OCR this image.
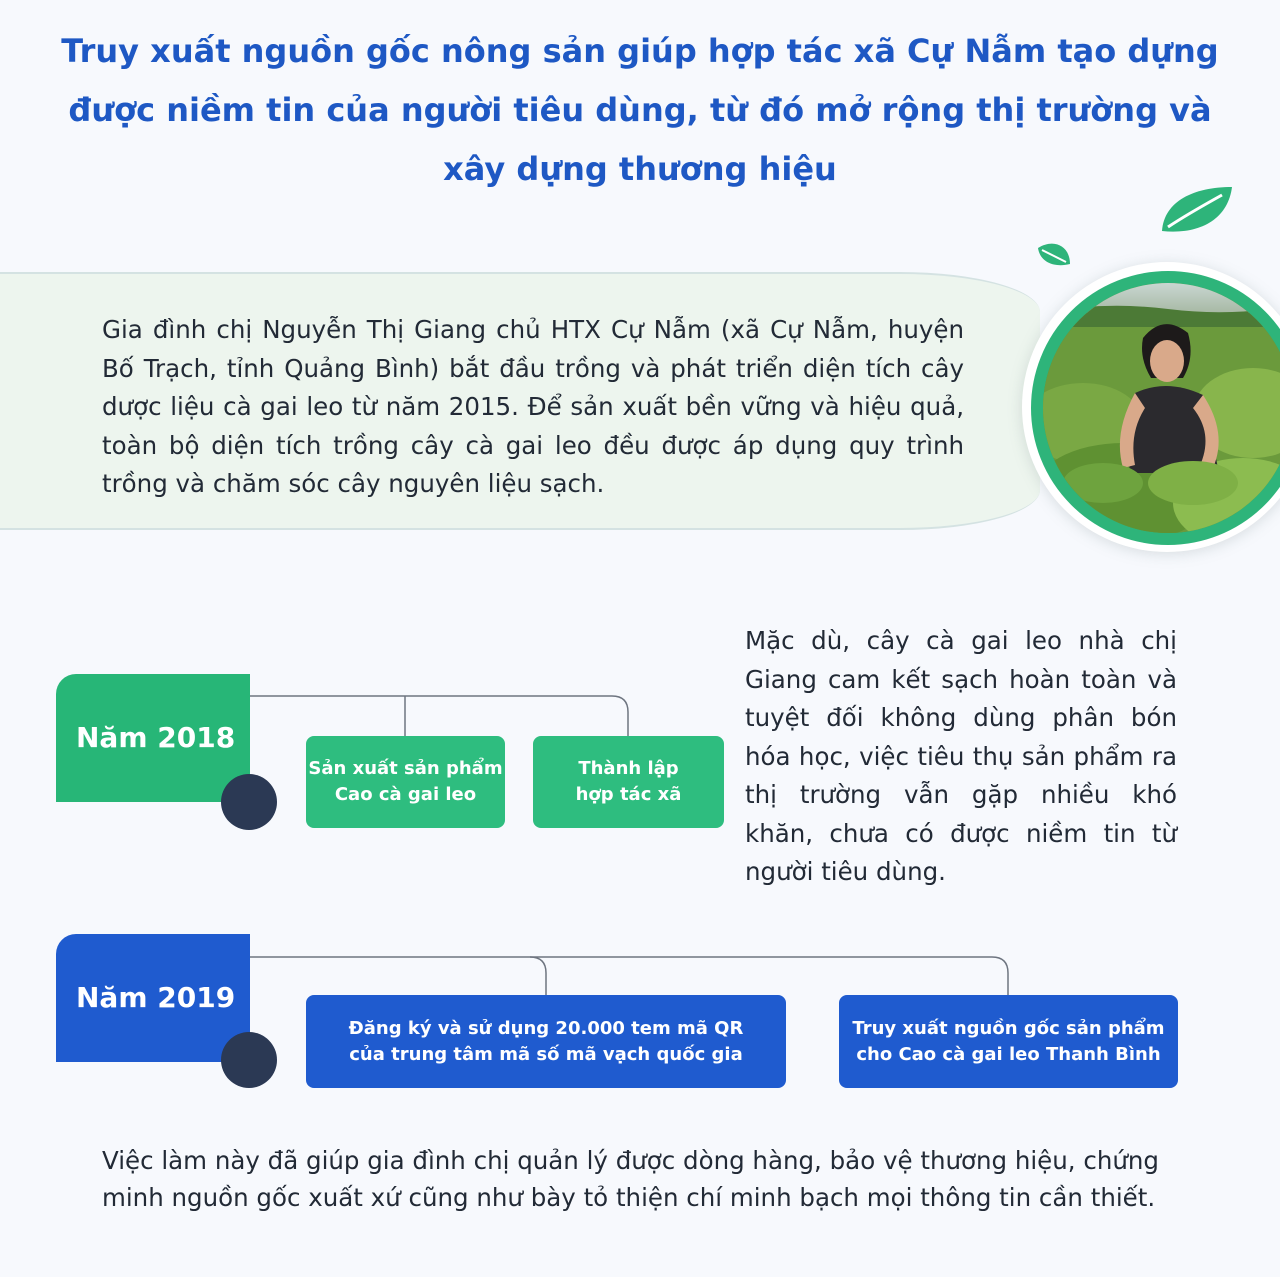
Truy xuất nguồn gốc nông sản giúp hợp tác xã Cự Nẫm tạo dựng được niềm tin của người tiêu dùng, từ đó mở rộng thị trường và xây dựng thương hiệu

Gia đình chị Nguyễn Thị Giang chủ HTX Cự Nẫm (xã Cự Nẫm, huyện Bố Trạch, tỉnh Quảng Bình) bắt đầu trồng và phát triển diện tích cây dược liệu cà gai leo từ năm 2015. Để sản xuất bền vững và hiệu quả, toàn bộ diện tích trồng cây cà gai leo đều được áp dụng quy trình trồng và chăm sóc cây nguyên liệu sạch.

Năm 2018
Sản xuất sản phẩm
Cao cà gai leo
Thành lập
hợp tác xã

Mặc dù, cây cà gai leo nhà chị Giang cam kết sạch hoàn toàn và tuyệt đối không dùng phân bón hóa học, việc tiêu thụ sản phẩm ra thị trường vẫn gặp nhiều khó khăn, chưa có được niềm tin từ người tiêu dùng.

Năm 2019
Đăng ký và sử dụng 20.000 tem mã QR
của trung tâm mã số mã vạch quốc gia
Truy xuất nguồn gốc sản phẩm
cho Cao cà gai leo Thanh Bình

Việc làm này đã giúp gia đình chị quản lý được dòng hàng, bảo vệ thương hiệu, chứng
minh nguồn gốc xuất xứ cũng như bày tỏ thiện chí minh bạch mọi thông tin cần thiết.
